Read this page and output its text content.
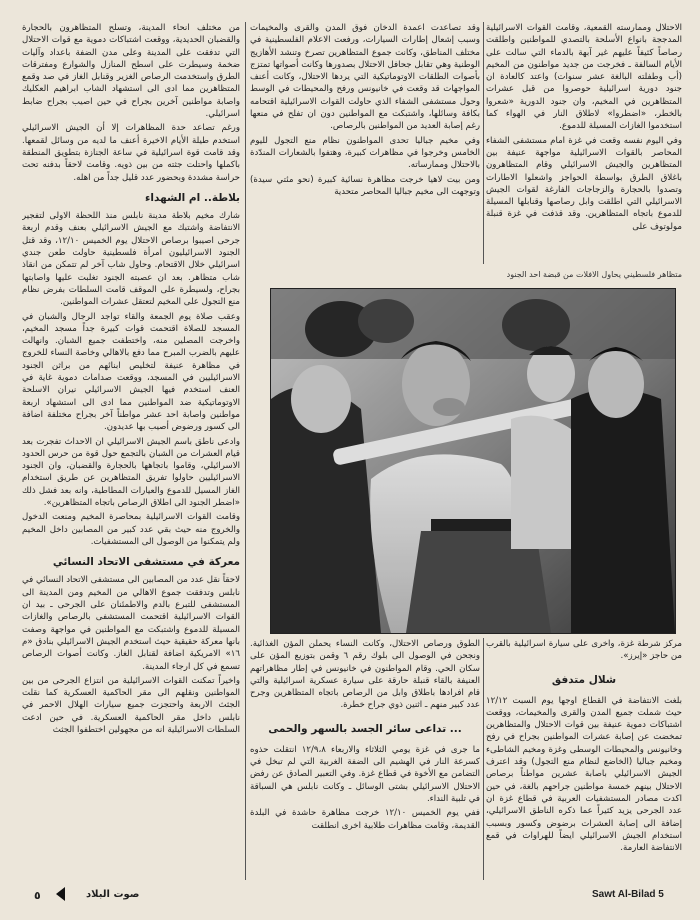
الاحتلال وممارسته القمعية، وقامت القوات الاسرائيلية المدججة بانواع الأسلحة بالتصدي للمواطنين واطلقت رصاصاً كثيفاً عليهم غير آبهة بالدماء التي سالت على الأيام السالفة ـ فخرجت من جديد مواطنون من المخيم (أب وطفلته البالغة عشر سنوات) واعتد كالعادة ان جنود دورية اسرائيلية حوصروا من قبل عشرات المتظاهرين في المخيم، وان جنود الدورية «شعروا بالخطر، «اضطروا» لاطلاق النار في الهواء كما استخدموا الغازات المسيلة للدموع.

وفي اليوم نفسه وقعت في غزة امام مستشفى الشفاء المحاصر بالقوات الاسرائيلية مواجهة عنيفة بين المتظاهرين والجيش الاسرائيلي وقام المتظاهرون باغلاق الطرق بواسطة الحواجز واشعلوا الاطارات وتصدوا بالحجارة والزجاجات الفارغة لقوات الجيش الاسرائيلي التي اطلقت وابل رصاصها وقنابلها المسيلة للدموع باتجاه المتظاهرين. وقد قذفت في غزة قنبلة مولوتوف على

وقد تصاعدت اعمدة الدخان فوق المدن والقرى والمخيمات وسبب إشعال إطارات السيارات، ورفعت الاعلام الفلسطينية في مختلف المناطق، وكانت جموع المتظاهرين تصرخ وتنشد الأهازيج الوطنية وهي تقابل جحافل الاحتلال بصدورها وكانت أصواتها تمتزج بأصوات الطلقات الاوتوماتيكية التي يردها الاحتلال، وكانت أعنف المواجهات قد وقعت في خانيونس ورفح والمحيطات في الوسط وحول مستشفى الشفاء الذي حاولت القوات الاسرائيلية اقتحامه بكافة وسائلها، واشتبكت مع المواطنين دون ان تفلح في منعها رغم إصابة العديد من المواطنين بالرصاص.

وفي مخيم جباليا تحدى المواطنون نظام منع التجول لليوم الخامس وخرجوا في مظاهرات كبيرة، وهتفوا بالشعارات المندّدة بالاحتلال وممارساته.

ومن بيت لاهيا خرجت مظاهرة نسائية كبيرة (نحو مئتي سيدة) وتوجهت الى مخيم جباليا المحاصر متحدية

من مختلف انحاء المدينة، وتسلح المتظاهرون بالحجارة والقضبان الحديدية، ووقعت اشتباكات دموية مع قوات الاحتلال التي تدفقت على المدينة وعلى مدن الضفة باعداد وآليات ضخمة وسيطرت على اسطح المنازل والشوارع ومفترقات الطرق واستخدمت الرصاص الغزير وقنابل الغاز في صد وقمع المتظاهرين مما ادى الى استشهاد الشاب ابراهيم العكليك واصابة مواطنين آخرين بجراح في حين اصيب بجراح ضابط اسرائيلي.

ورغم تصاعد حدة المظاهرات إلا أن الجيش الاسرائيلي استخدم طيلة الأيام الاخيرة أعنف ما لديه من وسائل لقمعها. وقد قامت قوة اسرائيلية في ساعة الجنازة بتطويق المنطقة باكملها واحتلت جثته من بين ذويه. وقامت لاحقاً بدفنه تحت حراسة مشددة وبحضور عدد قليل جداً من اهله.

بلاطة.. ام الشهداء

شارك مخيم بلاطة مدينة نابلس منذ اللحظة الاولى لتفجير الانتفاضة واشتبك مع الجيش الاسرائيلي بعنف وقدم اربعة جرحى اصيبوا برصاص الاحتلال يوم الخميس ١٢/١٠، وقد قتل الجنود الاسرائيليون امرأة فلسطينية حاولت طعن جندي اسرائيلي خلال الاقتحام. وحاول شاب آخر لم تتمكن من انقاذ شاب متظاهر. بعد ان عصبته الجنود تغلبت عليها واصابتها بجراح، ولسيطرة على الموقف قامت السلطات بفرض نظام منع التجول على المخيم لتعتقل عشرات المواطنين.

وعقب صلاة يوم الجمعة والقاء تواجد الرجال والشبان في المسجد للصلاة اقتحمت قوات كبيرة جداً مسجد المخيم، واخرجت المصلين منه، واختطفت جميع الشبان. وانهالت عليهم بالضرب المبرح مما دفع بالاهالي وخاصة النساء للخروج في مظاهرة عنيفة لتخليص ابنائهم من براثن الجنود الاسرائيليين في المسجد، ووقعت صدامات دموية غاية في العنف استخدم فيها الجيش الاسرائيلي نيران الاسلحة الاوتوماتيكية ضد المواطنين مما ادى الى استشهاد اربعة مواطنين واصابة احد عشر مواطناً آخر بجراح مختلفة اضافة الى كسور ورضوض أصيب بها عديدون.

وادعى ناطق باسم الجيش الاسرائيلي ان الاحداث تفجرت بعد قيام العشرات من الشبان بالتجمع حول قوة من حرس الحدود الاسرائيلي، وقاموا باتجاهها بالحجارة والقضبان، وان الجنود الاسرائيليين حاولوا تفريق المتظاهرين عن طريق استخدام الغاز المسيل للدموع والعيارات المطاطية، وانه بعد فشل ذلك «اضطر الجنود الى اطلاق الرصاص باتجاه المتظاهرين».

وقامت القوات الاسرائيلية بمحاصرة المخيم ومنعت الدخول والخروج منه حيث بقي عدد كبير من المصابين داخل المخيم ولم يتمكنوا من الوصول الى المستشفيات.

معركة في مستشفى الاتحاد النسائي

لاحقاً نقل عدد من المصابين الى مستشفى الاتحاد النسائي في نابلس وتدفقت جموع الاهالي من المخيم ومن المدينة الى المستشفى للتبرع بالدم والاطمئنان على الجرحى ـ بيد ان القوات الاسرائيلية اقتحمت المستشفى بالرصاص والغازات المسيلة للدموع واشتبكت مع المواطنين في مواجهة وصفت بانها معركة حقيقية حيث استخدم الجيش الاسرائيلي بنادق «م ١٦» الامريكية اضافة لقنابل الغاز. وكانت أصوات الرصاص تسمع في كل ارجاء المدينة.

واخيراً تمكنت القوات الاسرائيلية من انتزاع الجرحى من بين المواطنين ونقلهم الى مقر الحاكمية العسكرية كما نقلت الجثث الاربعة واحتجزت جميع سيارات الهلال الاحمر في نابلس داخل مقر الحاكمية العسكرية. في حين ادعت السلطات الاسرائيلية انه من مجهولين اختطفوا الجثث

متظاهر فلسطيني يحاول الافلات من قبضة احد الجنود

الطوق ورصاص الاحتلال، وكانت النساء يحملن المؤن الغذائية. ونجحن في الوصول الى بلوك رقم ٦ وقمن بتوزيع المؤن على سكان الحي. وقام المواطنون في خانيونس في إطار مظاهراتهم العنيفة بالقاء قنبلة حارقة على سيارة عسكرية اسرائيلية والتي قام افرادها باطلاق وابل من الرصاص باتجاه المتظاهرين وجرح عدد كبير منهم ـ اثنين ذوي جراح خطرة.

... تداعى سائر الجسد بالسهر والحمى

ما جرى في غزة يومي الثلاثاء والاربعاء ١٢/٩،٨ انتقلت حذوه كسرعة النار في الهشيم الى الضفة الغربية التي لم تبخل في التضامن مع الأخوة في قطاع غزة. وفي التعبير الصادق عن رفض الاحتلال الاسرائيلي بشتى الوسائل ـ وكانت نابلس هي السباقة في تلبية النداء.

ففي يوم الخميس ١٢/١٠ خرجت مظاهرة حاشدة في البلدة القديمة، وقامت مظاهرات طلابية اخرى انطلقت

مركز شرطة غزة، واخرى على سيارة اسرائيلية بالقرب من حاجز «إيرز».

شلال متدفق

بلغت الانتفاضة في القطاع اوجها يوم السبت ١٢/١٢ حيث شملت جميع المدن والقرى والمخيمات، ووقعت اشتباكات دموية عنيفة بين قوات الاحتلال والمتظاهرين تمخضت عن إصابة عشرات المواطنين بجراح في رفح وخانيونس والمحيطات الوسطى وغزة ومخيم الشاطىء ومخيم جباليا (الخاضع لنظام منع التجول) وقد اعترف الجيش الاسرائيلي باصابة عشرين مواطناً برصاص الاحتلال بينهم خمسة مواطنين جراحهم بالغة، في حين اكدت مصادر المستشفيات العربية في قطاع غزة ان عدد الجرحى يزيد كثيراً عما ذكره الناطق الاسرائيلي، إضافة الى إصابة العشرات برضوض وكسور وبسبب استخدام الجيش الاسرائيلي ايضاً للهراوات في قمع الانتفاضة العارمة.

٥	صوت البلاد	Sawt Al-Bilad 5
